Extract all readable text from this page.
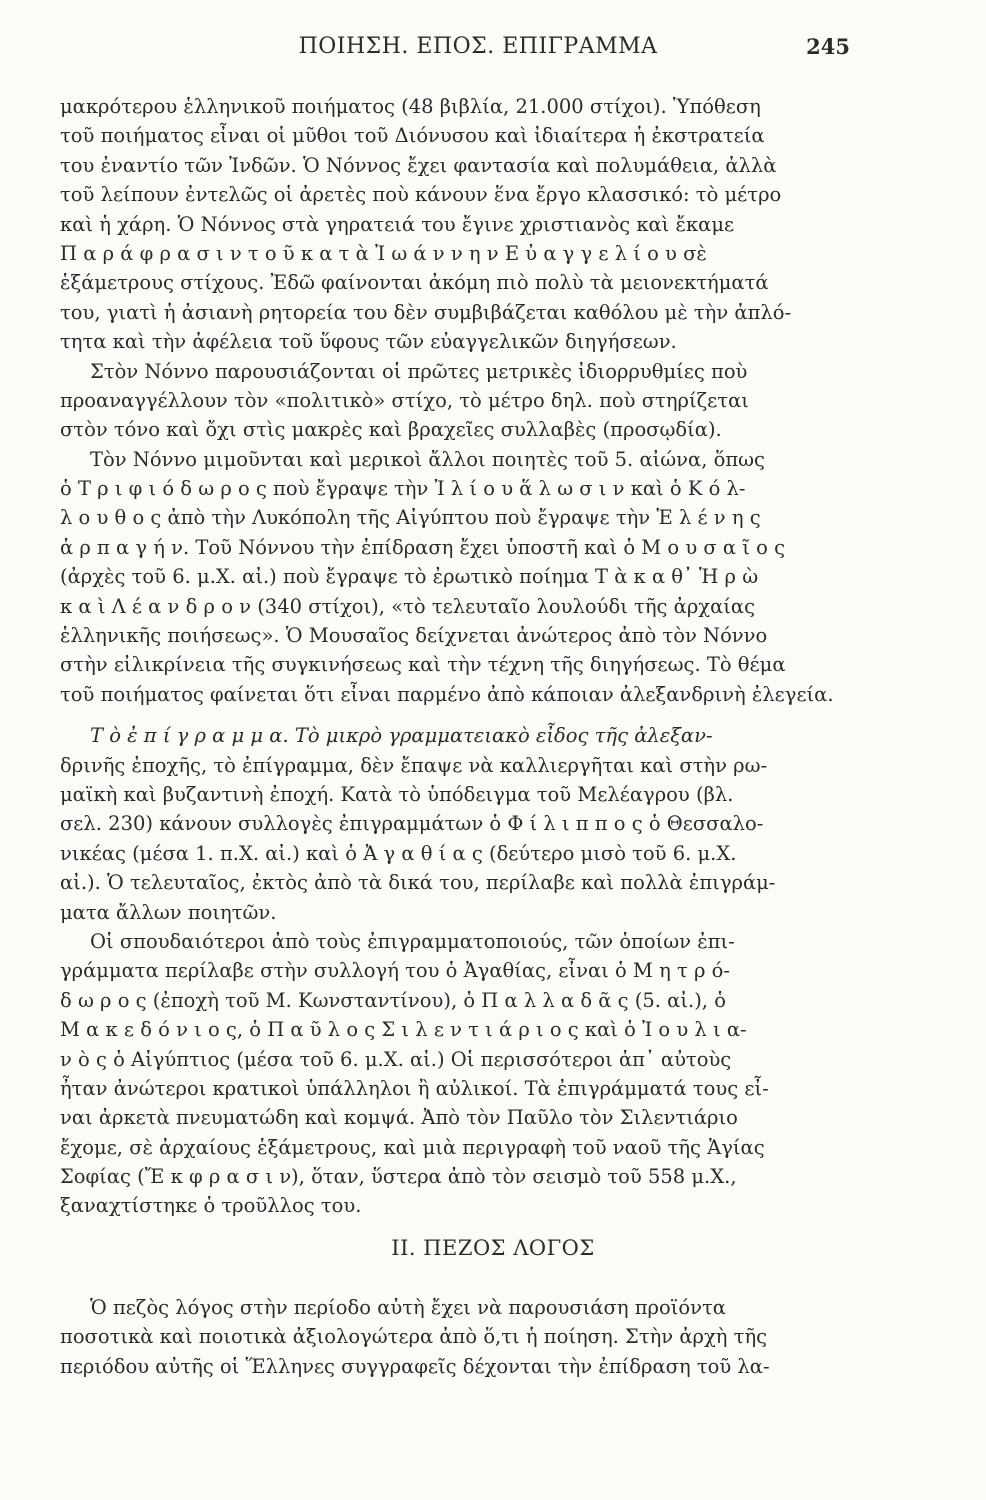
ΠΟΙΗΣΗ. ΕΠΟΣ. ΕΠΙΓΡΑΜΜΑ	245
μακρότερου ἑλληνικοῦ ποιήματος (48 βιβλία, 21.000 στίχοι). Ὑπόθεση
τοῦ ποιήματος εἶναι οἱ μῦθοι τοῦ Διόνυσου καὶ ἰδιαίτερα ἡ ἐκστρατεία
του ἐναντίο τῶν Ἰνδῶν. Ὁ Νόννος ἔχει φαντασία καὶ πολυμάθεια, ἀλλὰ
τοῦ λείπουν ἐντελῶς οἱ ἀρετὲς ποὺ κάνουν ἕνα ἔργο κλασσικό: τὸ μέτρο
καὶ ἡ χάρη. Ὁ Νόννος στὰ γηρατειά του ἔγινε χριστιανὸς καὶ ἔκαμε
Π α ρ ά φ ρ α σ ι ν τ ο ῦ κ α τ ὰ Ἰ ω ά ν ν η ν Ε ὐ α γ γ ε λ ί ο υ σὲ
ἑξάμετρους στίχους. Ἐδῶ φαίνονται ἀκόμη πιὸ πολὺ τὰ μειονεκτήματά
του, γιατὶ ἡ ἀσιανὴ ρητορεία του δὲν συμβιβάζεται καθόλου μὲ τὴν ἁπλό-
τητα καὶ τὴν ἀφέλεια τοῦ ὕφους τῶν εὐαγγελικῶν διηγήσεων.
Στὸν Νόννο παρουσιάζονται οἱ πρῶτες μετρικὲς ἰδιορρυθμίες ποὺ
προαναγγέλλουν τὸν «πολιτικὸ» στίχο, τὸ μέτρο δηλ. ποὺ στηρίζεται
στὸν τόνο καὶ ὄχι στὶς μακρὲς καὶ βραχεῖες συλλαβὲς (προσῳδία).
Τὸν Νόννο μιμοῦνται καὶ μερικοὶ ἄλλοι ποιητὲς τοῦ 5. αἰώνα, ὅπως
ὁ Τ ρ ι φ ι ό δ ω ρ ο ς ποὺ ἔγραψε τὴν Ἰ λ ί ο υ ἅ λ ω σ ι ν καὶ ὁ Κ ό λ-
λ ο υ θ ο ς ἀπὸ τὴν Λυκόπολη τῆς Αἰγύπτου ποὺ ἔγραψε τὴν Ἑ λ έ ν η ς
ἁ ρ π α γ ή ν. Τοῦ Νόννου τὴν ἐπίδραση ἔχει ὑποστῆ καὶ ὁ Μ ο υ σ α ῖ ο ς
(ἀρχὲς τοῦ 6. μ.Χ. αἰ.) ποὺ ἔγραψε τὸ ἐρωτικὸ ποίημα Τ ὰ κ α θ᾽ Ἡ ρ ὼ
κ α ὶ Λ έ α ν δ ρ ο ν (340 στίχοι), «τὸ τελευταῖο λουλούδι τῆς ἀρχαίας
ἑλληνικῆς ποιήσεως». Ὁ Μουσαῖος δείχνεται ἀνώτερος ἀπὸ τὸν Νόννο
στὴν εἰλικρίνεια τῆς συγκινήσεως καὶ τὴν τέχνη τῆς διηγήσεως. Τὸ θέμα
τοῦ ποιήματος φαίνεται ὅτι εἶναι παρμένο ἀπὸ κάποιαν ἀλεξανδρινὴ ἐλεγεία.
Τ ὸ ἐ π ί γ ρ α μ μ α. Τὸ μικρὸ γραμματειακὸ εἶδος τῆς ἀλεξαν-
δρινῆς ἐποχῆς, τὸ ἐπίγραμμα, δὲν ἔπαψε νὰ καλλιεργῆται καὶ στὴν ρω-
μαϊκὴ καὶ βυζαντινὴ ἐποχή. Κατὰ τὸ ὑπόδειγμα τοῦ Μελέαγρου (βλ.
σελ. 230) κάνουν συλλογὲς ἐπιγραμμάτων ὁ Φ ί λ ι π π ο ς ὁ Θεσσαλο-
νικέας (μέσα 1. π.Χ. αἰ.) καὶ ὁ Ἀ γ α θ ί α ς (δεύτερο μισὸ τοῦ 6. μ.Χ.
αἰ.). Ὁ τελευταῖος, ἐκτὸς ἀπὸ τὰ δικά του, περίλαβε καὶ πολλὰ ἐπιγράμ-
ματα ἄλλων ποιητῶν.
Οἱ σπουδαιότεροι ἀπὸ τοὺς ἐπιγραμματοποιούς, τῶν ὁποίων ἐπι-
γράμματα περίλαβε στὴν συλλογή του ὁ Ἀγαθίας, εἶναι ὁ Μ η τ ρ ό-
δ ω ρ ο ς (ἐποχὴ τοῦ Μ. Κωνσταντίνου), ὁ Π α λ λ α δ ᾶ ς (5. αἰ.), ὁ
Μ α κ ε δ ό ν ι ο ς, ὁ Π α ῦ λ ο ς Σ ι λ ε ν τ ι ά ρ ι ο ς καὶ ὁ Ἰ ο υ λ ι α-
ν ὸ ς ὁ Αἰγύπτιος (μέσα τοῦ 6. μ.Χ. αἰ.) Οἱ περισσότεροι ἀπ᾽ αὐτοὺς
ἦταν ἀνώτεροι κρατικοὶ ὑπάλληλοι ἢ αὐλικοί. Τὰ ἐπιγράμματά τους εἶ-
ναι ἀρκετὰ πνευματώδη καὶ κομψά. Ἀπὸ τὸν Παῦλο τὸν Σιλεντιάριο
ἔχομε, σὲ ἀρχαίους ἑξάμετρους, καὶ μιὰ περιγραφὴ τοῦ ναοῦ τῆς Ἁγίας
Σοφίας (Ἔ κ φ ρ α σ ι ν), ὅταν, ὕστερα ἀπὸ τὸν σεισμὸ τοῦ 558 μ.Χ.,
ξαναχτίστηκε ὁ τροῦλλος του.
II. ΠΕΖΟΣ ΛΟΓΟΣ
Ὁ πεζὸς λόγος στὴν περίοδο αὐτὴ ἔχει νὰ παρουσιάση προϊόντα
ποσοτικὰ καὶ ποιοτικὰ ἀξιολογώτερα ἀπὸ ὅ,τι ἡ ποίηση. Στὴν ἀρχὴ τῆς
περιόδου αὐτῆς οἱ Ἕλληνες συγγραφεῖς δέχονται τὴν ἐπίδραση τοῦ λα-
